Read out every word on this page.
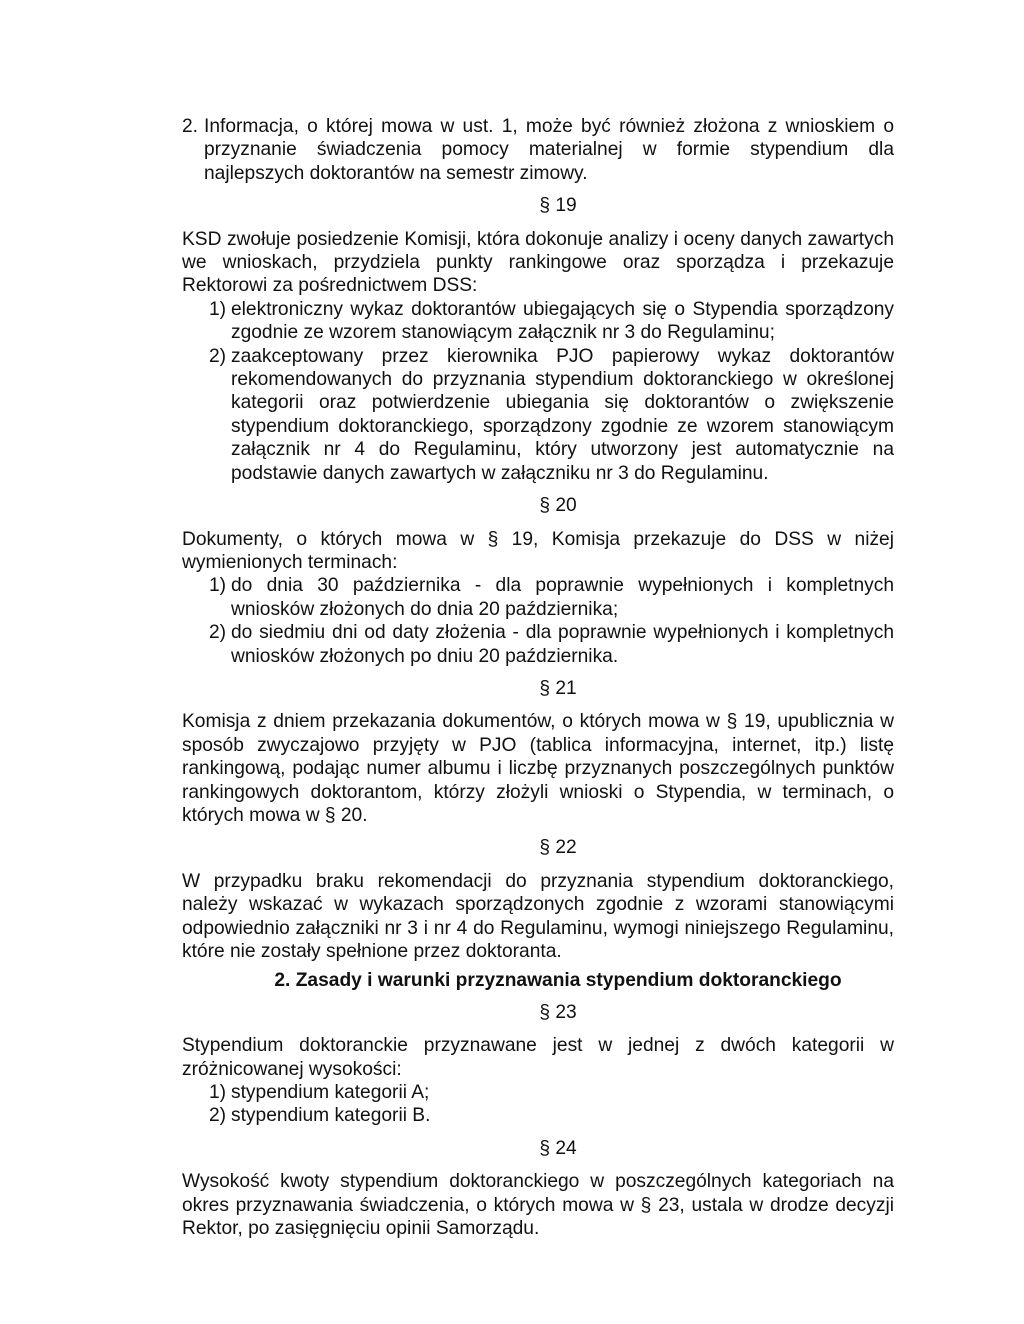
2. Informacja, o której mowa w ust. 1, może być również złożona z wnioskiem o przyznanie świadczenia pomocy materialnej w formie stypendium dla najlepszych doktorantów na semestr zimowy.
§ 19
KSD zwołuje posiedzenie Komisji, która dokonuje analizy i oceny danych zawartych we wnioskach, przydziela punkty rankingowe oraz sporządza i przekazuje Rektorowi za pośrednictwem DSS:
1) elektroniczny wykaz doktorantów ubiegających się o Stypendia sporządzony zgodnie ze wzorem stanowiącym załącznik nr 3 do Regulaminu;
2) zaakceptowany przez kierownika PJO papierowy wykaz doktorantów rekomendowanych do przyznania stypendium doktoranckiego w określonej kategorii oraz potwierdzenie ubiegania się doktorantów o zwiększenie stypendium doktoranckiego, sporządzony zgodnie ze wzorem stanowiącym załącznik nr 4 do Regulaminu, który utworzony jest automatycznie na podstawie danych zawartych w załączniku nr 3 do Regulaminu.
§ 20
Dokumenty, o których mowa w § 19, Komisja przekazuje do DSS w niżej wymienionych terminach:
1) do dnia 30 października - dla poprawnie wypełnionych i kompletnych wniosków złożonych do dnia 20 października;
2) do siedmiu dni od daty złożenia - dla poprawnie wypełnionych i kompletnych wniosków złożonych po dniu 20 października.
§ 21
Komisja z dniem przekazania dokumentów, o których mowa w § 19, upublicznia w sposób zwyczajowo przyjęty w PJO (tablica informacyjna, internet, itp.) listę rankingową, podając numer albumu i liczbę przyznanych poszczególnych punktów rankingowych doktorantom, którzy złożyli wnioski o Stypendia, w terminach, o których mowa w § 20.
§ 22
W przypadku braku rekomendacji do przyznania stypendium doktoranckiego, należy wskazać w wykazach sporządzonych zgodnie z wzorami stanowiącymi odpowiednio załączniki nr 3 i nr 4 do Regulaminu, wymogi niniejszego Regulaminu, które nie zostały spełnione przez doktoranta.
2. Zasady i warunki przyznawania stypendium doktoranckiego
§ 23
Stypendium doktoranckie przyznawane jest w jednej z dwóch kategorii w zróżnicowanej wysokości:
1) stypendium kategorii A;
2) stypendium kategorii B.
§ 24
Wysokość kwoty stypendium doktoranckiego w poszczególnych kategoriach na okres przyznawania świadczenia, o których mowa w § 23, ustala w drodze decyzji Rektor, po zasięgnięciu opinii Samorządu.
